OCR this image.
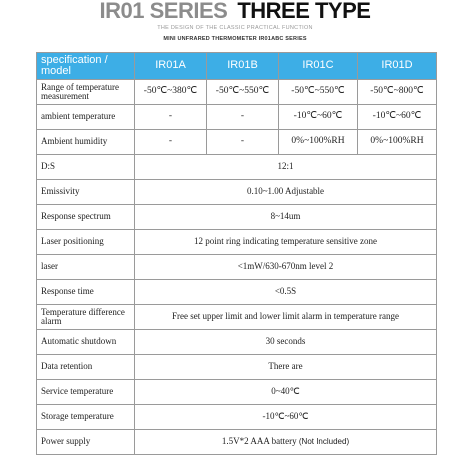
IR01 SERIES THREE TYPE
THE DESIGN OF THE CLASSIC PRACTICAL FUNCTION
MINI UNFRARED THERMOMETER IR01ABC SERIES
specification / model	IR01A	IR01B	IR01C	IR01D
Range of temperature measurement	-50℃~380℃	-50℃~550℃	-50℃~550℃	-50℃~800℃
ambient temperature	-	-	-10℃~60℃	-10℃~60℃
Ambient humidity	-	-	0%~100%RH	0%~100%RH
D:S	12:1			
Emissivity	0.10~1.00 Adjustable			
Response spectrum	8~14um			
Laser positioning	12 point ring indicating temperature sensitive zone			
laser	<1mW/630-670nm level 2			
Response time	<0.5S			
Temperature difference alarm	Free set upper limit and lower limit alarm in temperature range			
Automatic shutdown	30 seconds			
Data retention	There are			
Service temperature	0~40℃			
Storage temperature	-10℃~60℃			
Power supply	1.5V*2 AAA battery (Not Included)			
